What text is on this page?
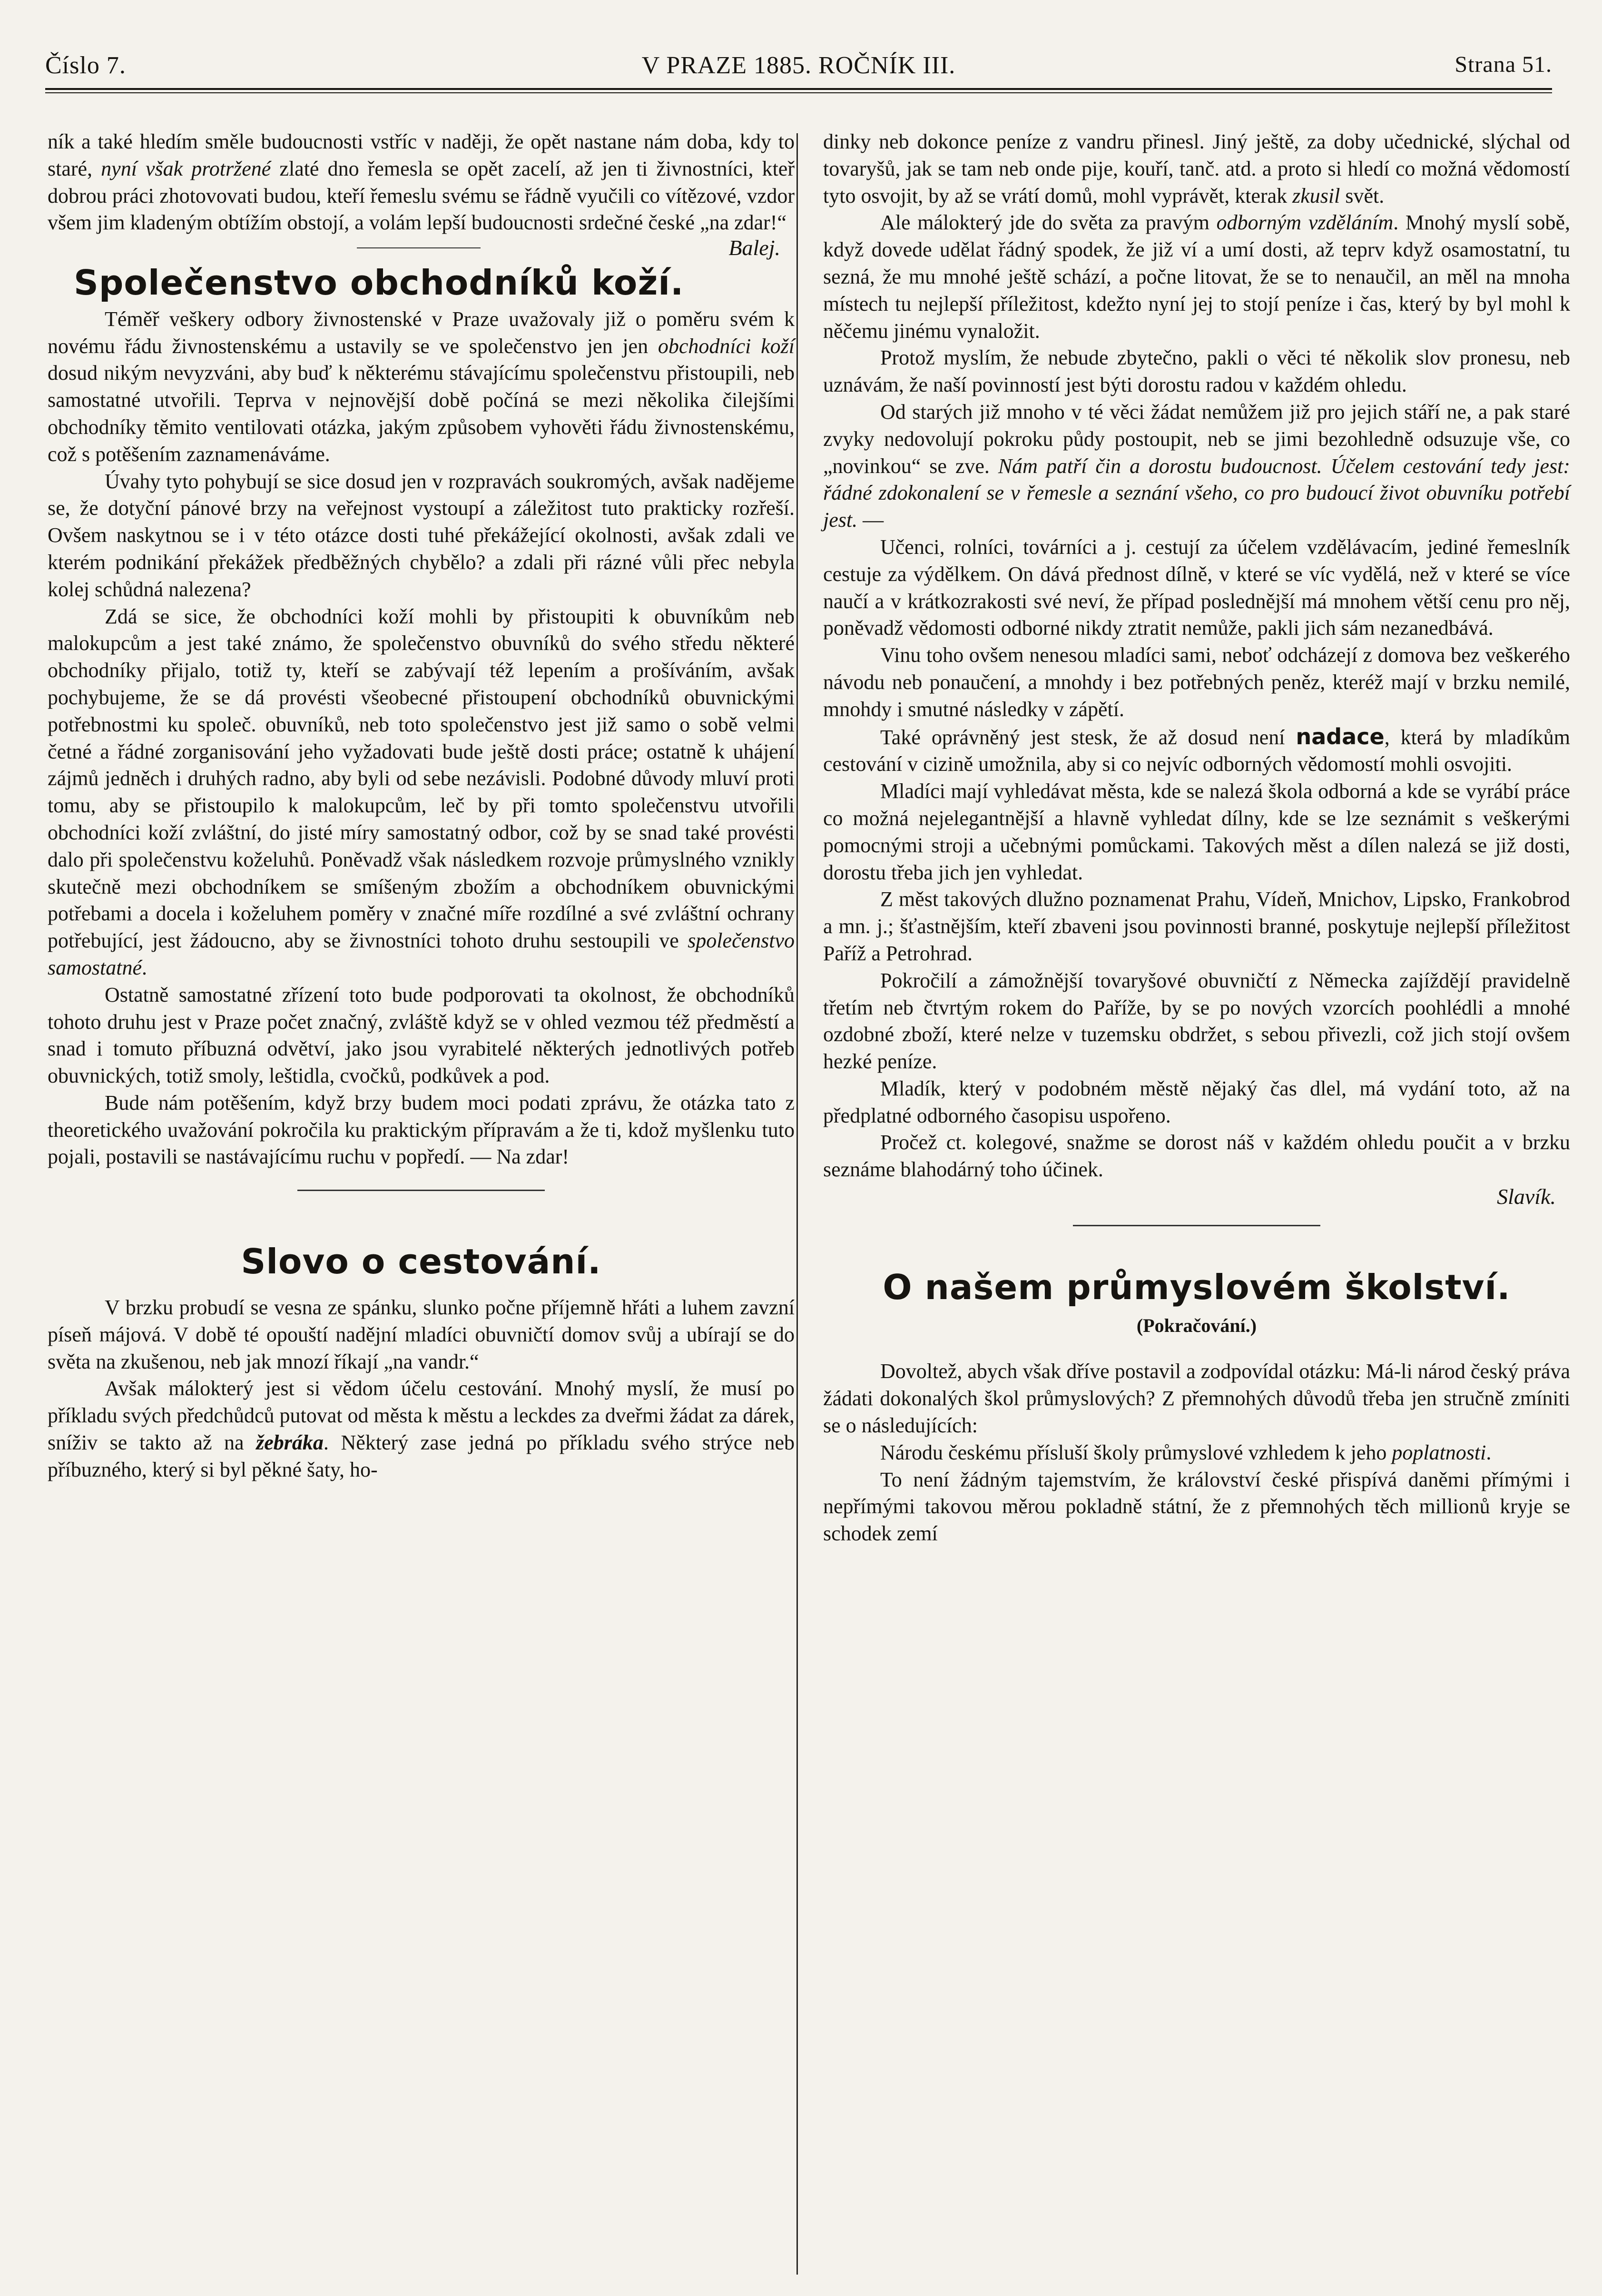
Číslo 7.	V PRAZE 1885. ROČNÍK III.	Strana 51.

ník a také hledím směle budoucnosti vstříc v naději, že opět nastane nám doba, kdy to staré, nyní však protržené zlaté dno řemesla se opět zacelí, až jen ti živnostníci, kteř dobrou práci zhotovovati budou, kteří řemeslu svému se řádně vyučili co vítězové, vzdor všem jim kladeným obtížím obstojí, a volám lepší budoucnosti srdečné české „na zdar!“

Balej.

Společenstvo obchodníků koží.

Téměř veškery odbory živnostenské v Praze uvažovaly již o poměru svém k novému řádu živnostenskému a ustavily se ve společenstvo jen jen obchodníci koží dosud nikým nevyzváni, aby buď k některému stávajícímu společenstvu přistoupili, neb samostatné utvořili. Teprva v nejnovější době počíná se mezi několika čilejšími obchodníky těmito ventilovati otázka, jakým způsobem vyhověti řádu živnostenskému, což s potěšením zaznamenáváme.

Úvahy tyto pohybují se sice dosud jen v rozpravách soukromých, avšak nadějeme se, že dotyční pánové brzy na veřejnost vystoupí a záležitost tuto prakticky rozřeší. Ovšem naskytnou se i v této otázce dosti tuhé překážející okolnosti, avšak zdali ve kterém podnikání překážek předběžných chybělo? a zdali při rázné vůli přec nebyla kolej schůdná nalezena?

Zdá se sice, že obchodníci koží mohli by přistoupiti k obuvníkům neb malokupcům a jest také známo, že společenstvo obuvníků do svého středu některé obchodníky přijalo, totiž ty, kteří se zabývají též lepením a prošíváním, avšak pochybujeme, že se dá provésti všeobecné přistoupení obchodníků obuvnickými potřebnostmi ku společ. obuvníků, neb toto společenstvo jest již samo o sobě velmi četné a řádné zorganisování jeho vyžadovati bude ještě dosti práce; ostatně k uhájení zájmů jedněch i druhých radno, aby byli od sebe nezávisli. Podobné důvody mluví proti tomu, aby se přistoupilo k malokupcům, leč by při tomto společenstvu utvořili obchodníci koží zvláštní, do jisté míry samostatný odbor, což by se snad také provésti dalo při společenstvu koželuhů. Poněvadž však následkem rozvoje průmyslného vznikly skutečně mezi obchodníkem se smíšeným zbožím a obchodníkem obuvnickými potřebami a docela i koželuhem poměry v značné míře rozdílné a své zvláštní ochrany potřebující, jest žádoucno, aby se živnostníci tohoto druhu sestoupili ve společenstvo samostatné.

Ostatně samostatné zřízení toto bude podporovati ta okolnost, že obchodníků tohoto druhu jest v Praze počet značný, zvláště když se v ohled vezmou též předměstí a snad i tomuto příbuzná odvětví, jako jsou vyrabitelé některých jednotlivých potřeb obuvnických, totiž smoly, leštidla, cvočků, podkůvek a pod.

Bude nám potěšením, když brzy budem moci podati zprávu, že otázka tato z theoretického uvažování pokročila ku praktickým přípravám a že ti, kdož myšlenku tuto pojali, postavili se nastávajícímu ruchu v popředí. — Na zdar!

Slovo o cestování.

V brzku probudí se vesna ze spánku, slunko počne příjemně hřáti a luhem zavzní píseň májová. V době té opouští nadějní mladíci obuvničtí domov svůj a ubírají se do světa na zkušenou, neb jak mnozí říkají „na vandr.“

Avšak málokterý jest si vědom účelu cestování. Mnohý myslí, že musí po příkladu svých předchůdců putovat od města k městu a leckdes za dveřmi žádat za dárek, sníživ se takto až na žebráka. Některý zase jedná po příkladu svého strýce neb příbuzného, který si byl pěkné šaty, ho-

dinky neb dokonce peníze z vandru přinesl. Jiný ještě, za doby učednické, slýchal od tovaryšů, jak se tam neb onde pije, kouří, tanč. atd. a proto si hledí co možná vědomostí tyto osvojit, by až se vrátí domů, mohl vyprávět, kterak zkusil svět.

Ale málokterý jde do světa za pravým odborným vzděláním. Mnohý myslí sobě, když dovede udělat řádný spodek, že již ví a umí dosti, až teprv když osamostatní, tu sezná, že mu mnohé ještě schází, a počne litovat, že se to nenaučil, an měl na mnoha místech tu nejlepší příležitost, kdežto nyní jej to stojí peníze i čas, který by byl mohl k něčemu jinému vynaložit.

Protož myslím, že nebude zbytečno, pakli o věci té několik slov pronesu, neb uznávám, že naší povinností jest býti dorostu radou v každém ohledu.

Od starých již mnoho v té věci žádat nemůžem již pro jejich stáří ne, a pak staré zvyky nedovolují pokroku půdy postoupit, neb se jimi bezohledně odsuzuje vše, co „novinkou“ se zve. Nám patří čin a dorostu budoucnost. Účelem cestování tedy jest: řádné zdokonalení se v řemesle a seznání všeho, co pro budoucí život obuvníku potřebí jest. —

Učenci, rolníci, továrníci a j. cestují za účelem vzdělávacím, jediné řemeslník cestuje za výdělkem. On dává přednost dílně, v které se víc vydělá, než v které se více naučí a v krátkozrakosti své neví, že případ poslednější má mnohem větší cenu pro něj, poněvadž vědomosti odborné nikdy ztratit nemůže, pakli jich sám nezanedbává.

Vinu toho ovšem nenesou mladíci sami, neboť odcházejí z domova bez veškerého návodu neb ponaučení, a mnohdy i bez potřebných peněz, kteréž mají v brzku nemilé, mnohdy i smutné následky v zápětí.

Také oprávněný jest stesk, že až dosud není nadace, která by mladíkům cestování v cizině umožnila, aby si co nejvíc odborných vědomostí mohli osvojiti.

Mladíci mají vyhledávat města, kde se nalezá škola odborná a kde se vyrábí práce co možná nejelegantnější a hlavně vyhledat dílny, kde se lze seznámit s veškerými pomocnými stroji a učebnými pomůckami. Takových měst a dílen nalezá se již dosti, dorostu třeba jich jen vyhledat.

Z měst takových dlužno poznamenat Prahu, Vídeň, Mnichov, Lipsko, Frankobrod a mn. j.; šťastnějším, kteří zbaveni jsou povinnosti branné, poskytuje nejlepší příležitost Paříž a Petrohrad.

Pokročilí a zámožnější tovaryšové obuvničtí z Německa zajíždějí pravidelně třetím neb čtvrtým rokem do Paříže, by se po nových vzorcích poohlédli a mnohé ozdobné zboží, které nelze v tuzemsku obdržet, s sebou přivezli, což jich stojí ovšem hezké peníze.

Mladík, který v podobném městě nějaký čas dlel, má vydání toto, až na předplatné odborného časopisu uspořeno.

Pročež ct. kolegové, snažme se dorost náš v každém ohledu poučit a v brzku seznáme blahodárný toho účinek.

Slavík.

O našem průmyslovém školství.

(Pokračování.)

Dovoltež, abych však dříve postavil a zodpovídal otázku: Má-li národ český práva žádati dokonalých škol průmyslových? Z přemnohých důvodů třeba jen stručně zmíniti se o následujících:

Národu českému přísluší školy průmyslové vzhledem k jeho poplatnosti.

To není žádným tajemstvím, že království české přispívá daněmi přímými i nepřímými takovou měrou pokladně státní, že z přemnohých těch millionů kryje se schodek zemí
